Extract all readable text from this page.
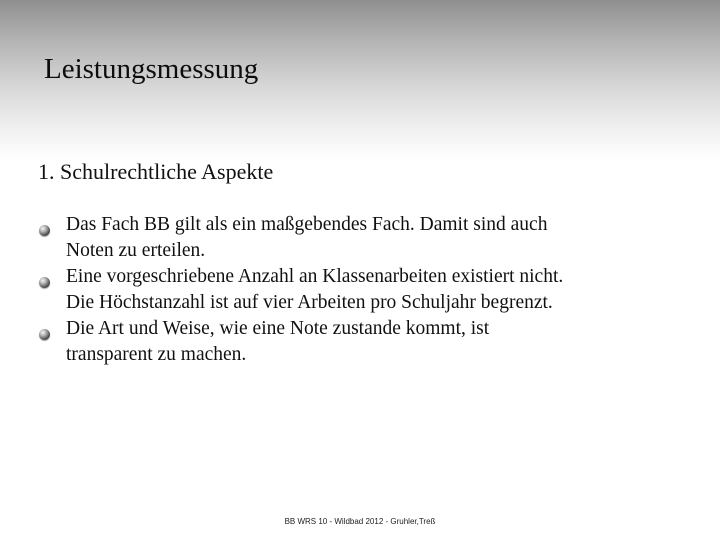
Leistungsmessung
1. Schulrechtliche Aspekte
Das Fach BB gilt als ein maßgebendes Fach. Damit sind auch
Noten zu erteilen.
Eine vorgeschriebene Anzahl an Klassenarbeiten existiert nicht.
Die Höchstanzahl ist auf vier Arbeiten pro Schuljahr begrenzt.
Die Art und Weise, wie eine Note zustande kommt, ist
transparent zu machen.
BB WRS 10 - Wildbad 2012 - Gruhler,Treß
